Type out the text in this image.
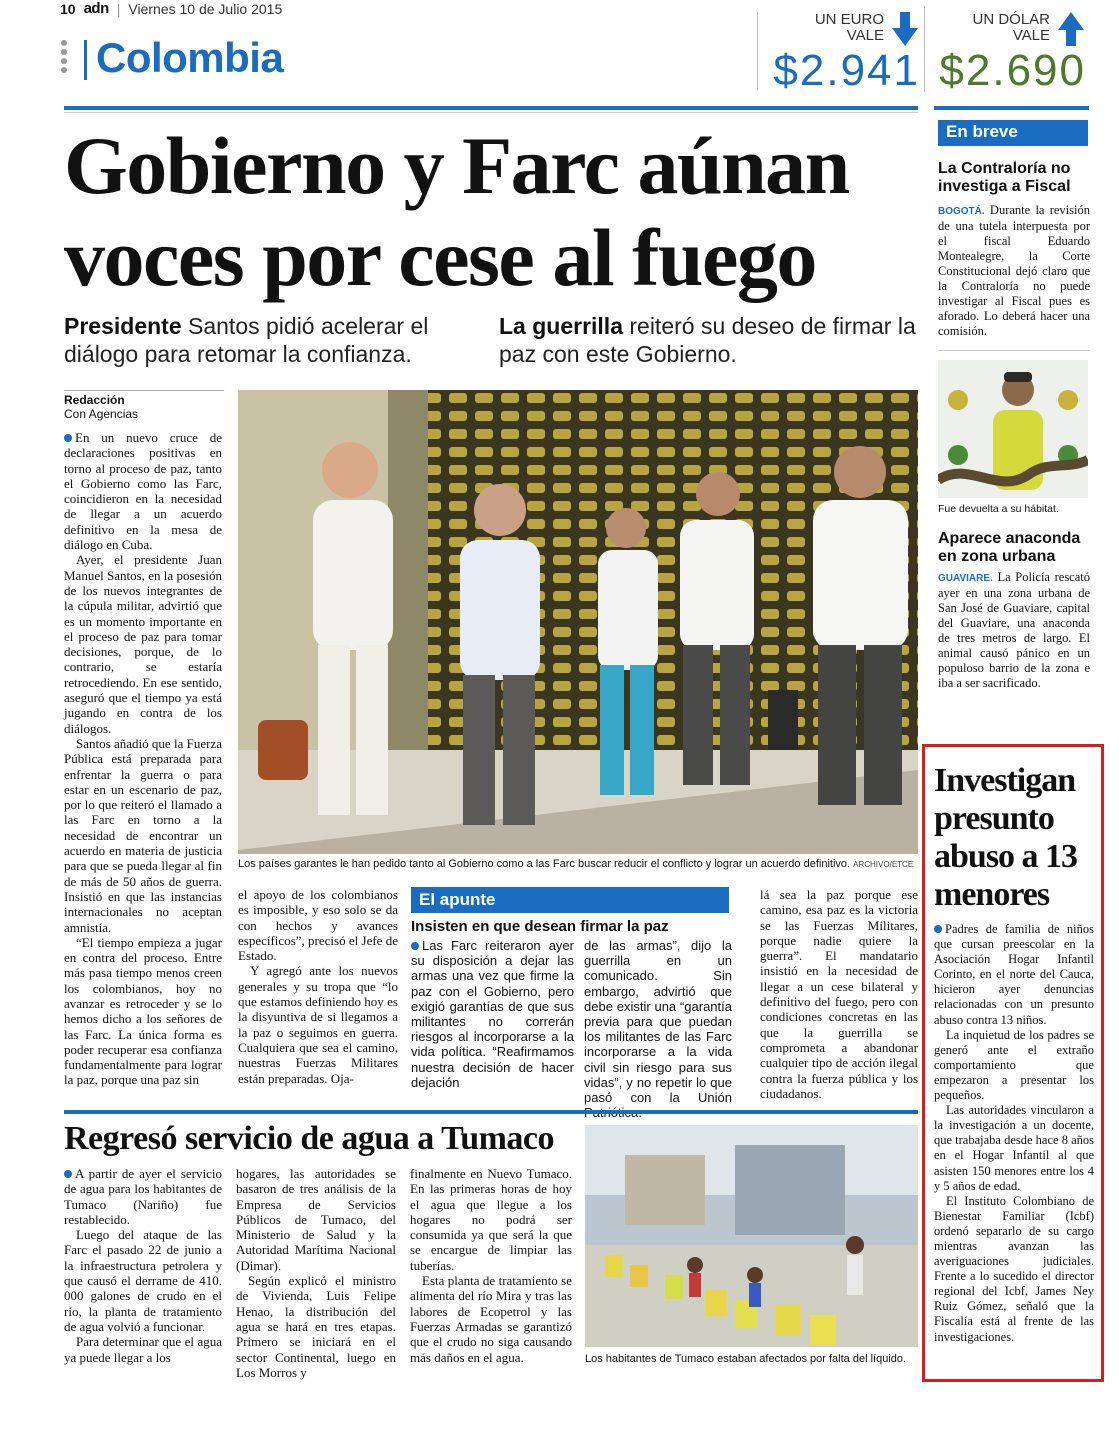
10 adn | Viernes 10 de Julio 2015
Colombia
UN EURO
VALE
$2.941
UN DÓLAR
VALE
$2.690
Gobierno y Farc aúnan
voces por cese al fuego
Presidente Santos pidió acelerar el diálogo para retomar la confianza.
La guerrilla reiteró su deseo de firmar la paz con este Gobierno.
Redacción
Con Agencias

En un nuevo cruce de declaraciones positivas en torno al proceso de paz, tanto el Gobierno como las Farc, coincidieron en la necesidad de llegar a un acuerdo definitivo en la mesa de diálogo en Cuba.

Ayer, el presidente Juan Manuel Santos, en la posesión de los nuevos integrantes de la cúpula militar, advirtió que es un momento importante en el proceso de paz para tomar decisiones, porque, de lo contrario, se estaría retrocediendo. En ese sentido, aseguró que el tiempo ya está jugando en contra de los diálogos.

Santos añadió que la Fuerza Pública está preparada para enfrentar la guerra o para estar en un escenario de paz, por lo que reiteró el llamado a las Farc en torno a la necesidad de encontrar un acuerdo en materia de justicia para que se pueda llegar al fin de más de 50 años de guerra. Insistió en que las instancias internacionales no aceptan amnistía.

“El tiempo empieza a jugar en contra del proceso. Entre más pasa tiempo menos creen los colombianos, hoy no avanzar es retroceder y se lo hemos dicho a los señores de las Farc. La única forma es poder recuperar esa confianza fundamentalmente para lograr la paz, porque una paz sin

Los países garantes le han pedido tanto al Gobierno como a las Farc buscar reducir el conflicto y lograr un acuerdo definitivo. ARCHIVO/ETCE

el apoyo de los colombianos es imposible, y eso solo se da con hechos y avances específicos”, precisó el Jefe de Estado.

Y agregó ante los nuevos generales y su tropa que “lo que estamos definiendo hoy es la disyuntiva de si llegamos a la paz o seguimos en guerra. Cualquiera que sea el camino, nuestras Fuerzas Militares están preparadas. Oja-

El apunte
Insisten en que desean firmar la paz
Las Farc reiteraron ayer su disposición a dejar las armas una vez que firme la paz con el Gobierno, pero exigió garantías de que sus militantes no correrán riesgos al incorporarse a la vida política. “Reafirmamos nuestra decisión de hacer dejación
de las armas”, dijo la guerrilla en un comunicado. Sin embargo, advirtió que debe existir una “garantía previa para que puedan los militantes de las Farc incorporarse a la vida civil sin riesgo para sus vidas”, y no repetir lo que pasó con la Unión

lá sea la paz porque ese camino, esa paz es la victoria se las Fuerzas Militares, porque nadie quiere la guerra”. El mandatario insistió en la necesidad de llegar a un cese bilateral y definitivo del fuego, pero con condiciones concretas en las que la guerrilla se comprometa a abandonar cualquier tipo de acción ilegal contra la fuerza pública y los ciudadanos.

En breve
La Contraloría no investiga a Fiscal
BOGOTÁ. Durante la revisión de una tutela interpuesta por el fiscal Eduardo Montealegre, la Corte Constitucional dejó claro que la Contraloría no puede investigar al Fiscal pues es aforado. Lo deberá hacer una comisión.
Fue devuelta a su hábitat.
Aparece anaconda en zona urbana
GUAVIARE. La Policía rescató ayer en una zona urbana de San José de Guaviare, capital del Guaviare, una anaconda de tres metros de largo. El animal causó pánico en un populoso barrio de la zona e iba a ser sacrificado.
Investigan
presunto
abuso a 13
menores

Padres de familia de niños que cursan preescolar en la Asociación Hogar Infantil Corinto, en el norte del Cauca, hicieron ayer denuncias relacionadas con un presunto abuso contra 13 niños.

La inquietud de los padres se generó ante el extraño comportamiento que empezaron a presentar los pequeños.

Las autoridades vincularon a la investigación a un docente, que trabajaba desde hace 8 años en el Hogar Infantil al que asisten 150 menores entre los 4 y 5 años de edad.

El Instituto Colombiano de Bienestar Familiar (Icbf) ordenó separarlo de su cargo mientras avanzan las averiguaciones judiciales. Frente a lo sucedido el director regional del Icbf, James Ney Ruiz Gómez, señaló que la Fiscalía está al frente de las investigaciones.

Regresó servicio de agua a Tumaco

A partir de ayer el servicio de agua para los habitantes de Tumaco (Nariño) fue restablecido.

Luego del ataque de las Farc el pasado 22 de junio a la infraestructura petrolera y que causó el derrame de 410. 000 galones de crudo en el río, la planta de tratamiento de agua volvió a funcionar.

Para determinar que el agua ya puede llegar a los

hogares, las autoridades se basaron de tres análisis de la Empresa de Servicios Públicos de Tumaco, del Ministerio de Salud y la Autoridad Marítima Nacional (Dimar).

Según explicó el ministro de Vivienda, Luis Felipe Henao, la distribución del agua se hará en tres etapas. Primero se iniciará en el sector Continental, luego en Los Morros y

finalmente en Nuevo Tumaco. En las primeras horas de hoy el agua que llegue a los hogares no podrá ser consumida ya que será la que se encargue de limpiar las tuberías.

Esta planta de tratamiento se alimenta del río Mira y tras las labores de Ecopetrol y las Fuerzas Armadas se garantizó que el crudo no siga causando más daños en el agua.	Los habitantes de Tumaco estaban afectados por falta del líquido.
